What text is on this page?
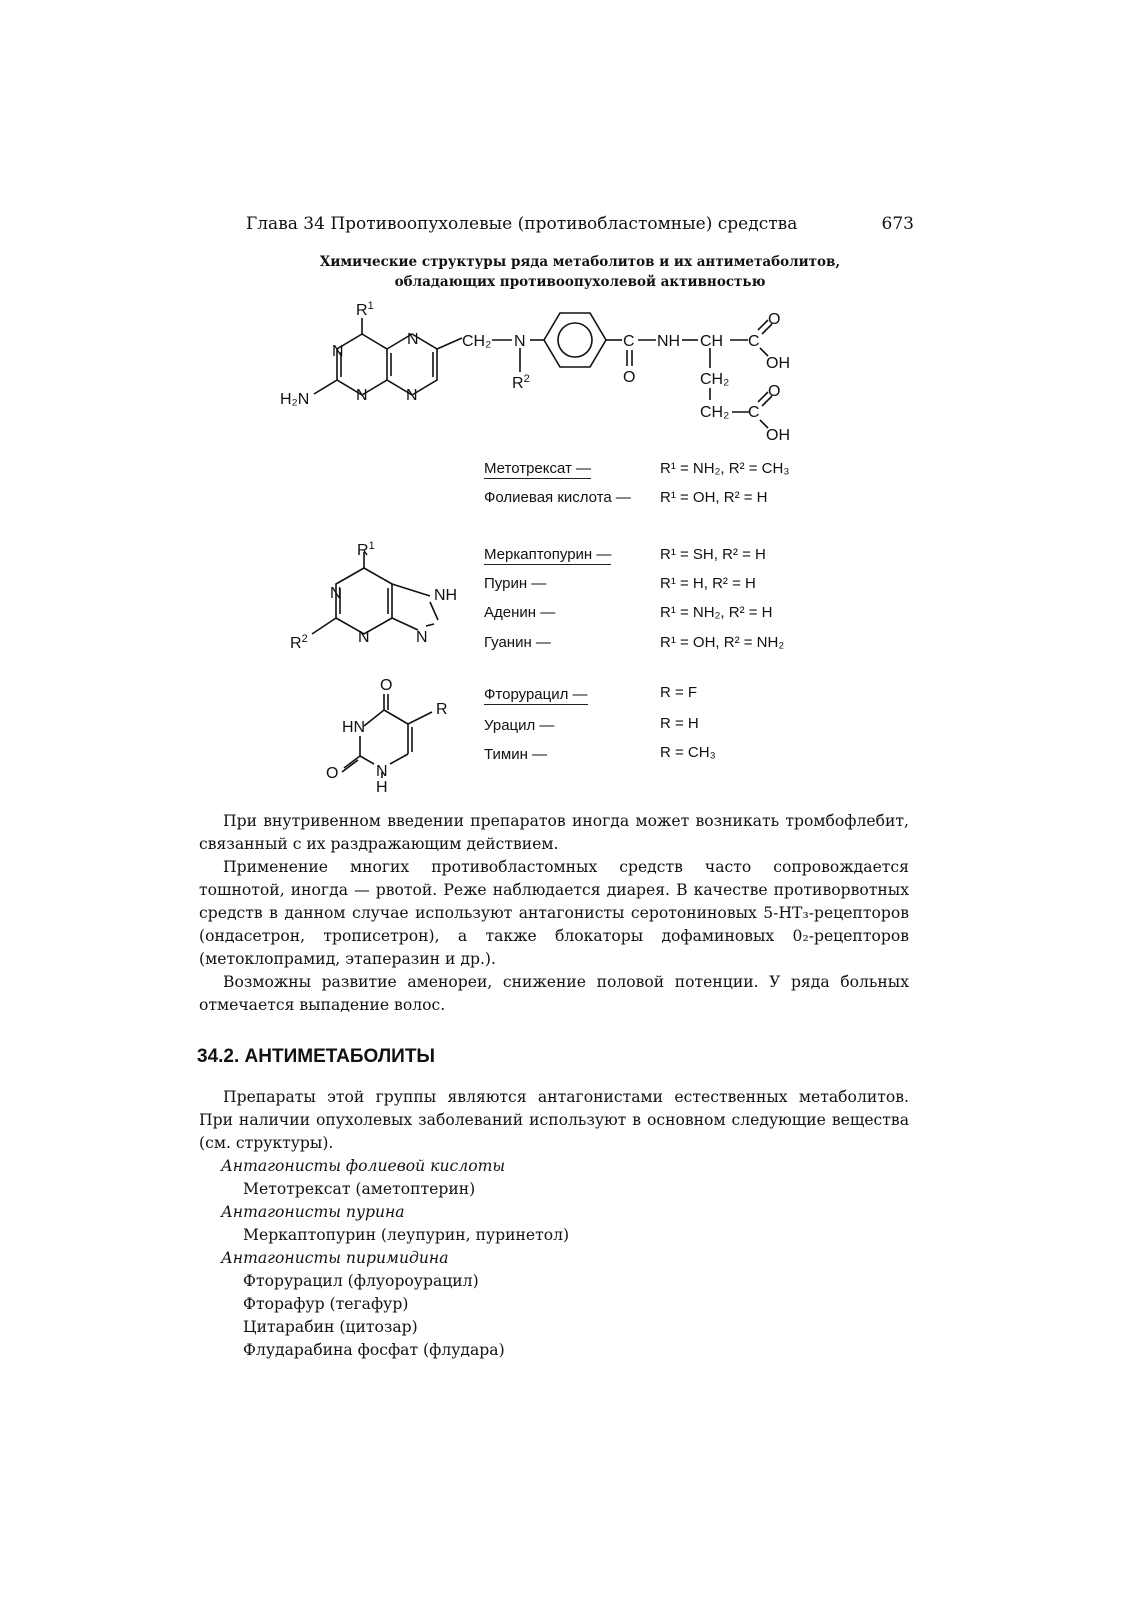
Глава 34 Противоопухолевые (противобластомные) средства	673
Химические структуры ряда метаболитов и их антиметаболитов,
обладающих противоопухолевой активностью
$R^1$
N
N
N N
H₂N
CH₂ N
$R^2$
C
O
NH CH C
O
OH
CH₂
CH₂ C
O
OH
Метотрексат —	R¹ = NH₂, R² = CH₃
Фолиевая кислота — R¹ = OH, R² = H
$R^1$
N
N	N
NH
$R^2$
Меркаптопурин —	R¹ = SH, R² = H
Пурин —	R¹ = H, R² = H
Аденин —	R¹ = NH₂, R² = H
Гуанин —	R¹ = OH, R² = NH₂
O
R
HN
N
H
O
Фторурацил —	R = F
Урацил —	R = H
Тимин —	R = CH₃

При внутривенном введении препаратов иногда может возникать тромбофлебит, связанный с их раздражающим действием.

Применение многих противобластомных средств часто сопровождается тошнотой, иногда — рвотой. Реже наблюдается диарея. В качестве противорвотных средств в данном случае используют антагонисты серотониновых 5-НТ₃-рецепторов (ондасетрон, трописетрон), а также блокаторы дофаминовых 0₂-рецепторов (метоклопрамид, этаперазин и др.).

Возможны развитие аменореи, снижение половой потенции. У ряда больных отмечается выпадение волос.

34.2. АНТИМЕТАБОЛИТЫ

Препараты этой группы являются антагонистами естественных метаболитов. При наличии опухолевых заболеваний используют в основном следующие вещества (см. структуры).

Антагонисты фолиевой кислоты
Метотрексат (аметоптерин)
Антагонисты пурина
Меркаптопурин (леупурин, пуринетол)
Антагонисты пиримидина
Фторурацил (флуороурацил)
Фторафур (тегафур)
Цитарабин (цитозар)
Флударабина фосфат (флудара)
